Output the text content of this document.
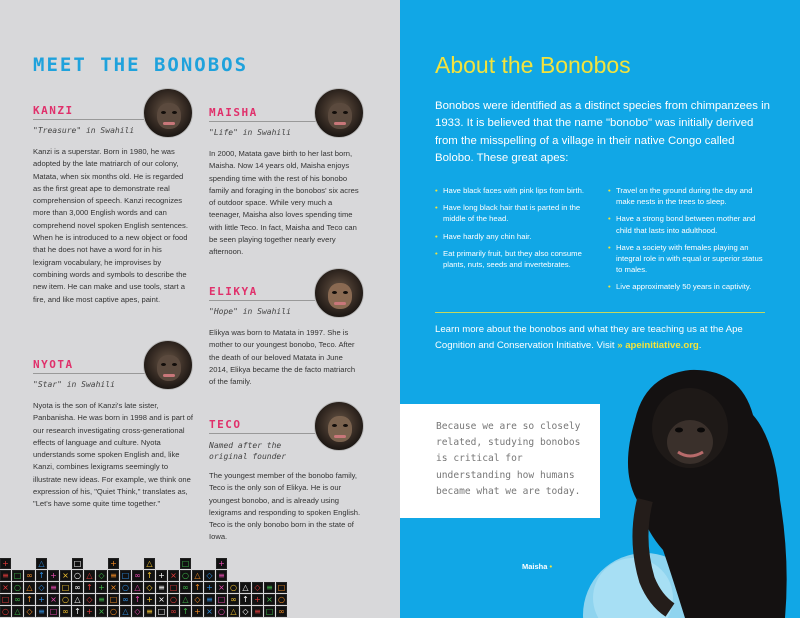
MEET THE BONOBOS
KANZI
"Treasure" in Swahili
Kanzi is a superstar. Born in 1980, he was adopted by the late matriarch of our colony, Matata, when six months old. He is regarded as the first great ape to demonstrate real comprehension of speech. Kanzi recognizes more than 3,000 English words and can comprehend novel spoken English sentences. When he is introduced to a new object or food that he does not have a word for in his lexigram vocabulary, he improvises by combining words and symbols to describe the new item. He can make and use tools, start a fire, and like most captive apes, paint.
MAISHA
"Life" in Swahili
In 2000, Matata gave birth to her last born, Maisha. Now 14 years old, Maisha enjoys spending time with the rest of his bonobo family and foraging in the bonobos' six acres of outdoor space. While very much a teenager, Maisha also loves spending time with little Teco. In fact, Maisha and Teco can be seen playing together nearly every afternoon.
ELIKYA
"Hope" in Swahili
Elikya was born to Matata in 1997. She is mother to our youngest bonobo, Teco. After the death of our beloved Matata in June 2014, Elikya became the de facto matriarch of the family.
NYOTA
"Star" in Swahili
Nyota is the son of Kanzi's late sister, Panbanisha. He was born in 1998 and is part of our research investigating cross-generational effects of language and culture. Nyota understands some spoken English and, like Kanzi, combines lexigrams seemingly to illustrate new ideas. For example, we think one expression of his, "Quiet Think," translates as, "Let's have some quite time together."
TECO
Named after the original founder
The youngest member of the bonobo family, Teco is the only son of Elikya. He is our youngest bonobo, and is already using lexigrams and responding to spoken English. Teco is the only bonobo born in the state of Iowa.
+	△	□	+	△	□	+
≡ □ ∞ ↑ + × ○ △ ◇ ≡ □ ∞ ↑ + × ○ △ ◇ ≡
× ○ △ ◇ ≡ □ ∞ ↑ + × ○ △ ◇ ≡ □ ∞ ↑ + × ○ △ ◇ ≡ □
□ ∞ ↑ + × ○ △ ◇ ≡ □ ∞ ↑ + × ○ △ ◇ ≡ □ ∞ ↑ + × ○
○ △ ◇ ≡ □ ∞ ↑ + × ○ △ ◇ ≡ □ ∞ ↑ + × ○ △ ◇ ≡ □ ∞
About the Bonobos
Bonobos were identified as a distinct species from chimpanzees in 1933. It is believed that the name "bonobo" was initially derived from the misspelling of a village in their native Congo called Bolobo. These great apes:
• Have black faces with pink lips from birth.
• Have long black hair that is parted in the middle of the head.
• Have hardly any chin hair.
• Eat primarily fruit, but they also consume plants, nuts, seeds and invertebrates.
• Travel on the ground during the day and make nests in the trees to sleep.
• Have a strong bond between mother and child that lasts into adulthood.
• Have a society with females playing an integral role in with equal or superior status to males.
• Live approximately 50 years in captivity.
Learn more about the bonobos and what they are teaching us at the Ape Cognition and Conservation Initiative. Visit » apeinitiative.org.
Because we are so closely related, studying bonobos is critical for understanding how humans became what we are today.
Maisha •
